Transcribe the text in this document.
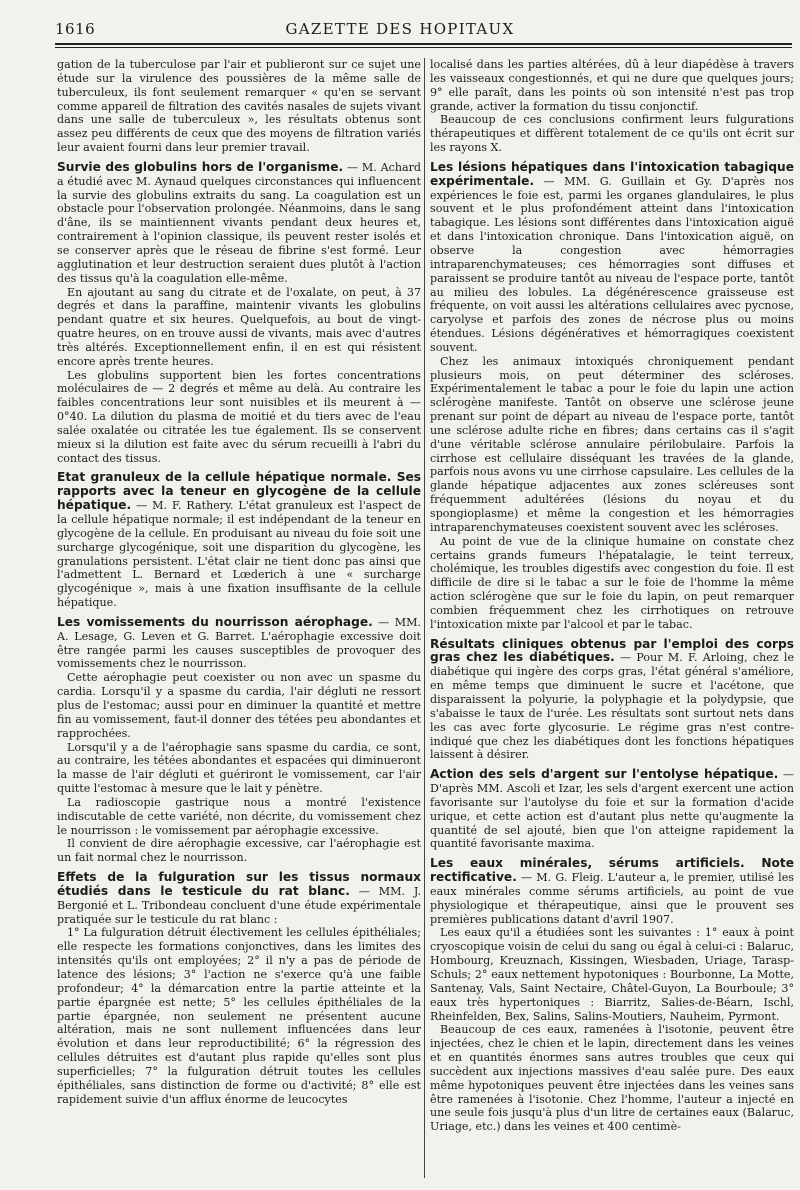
1616	GAZETTE DES HOPITAUX

gation de la tuberculose par l'air et publieront sur ce sujet une étude sur la virulence des poussières de la même salle de tuberculeux, ils font seulement remarquer « qu'en se servant comme appareil de filtration des cavités nasales de sujets vivant dans une salle de tuberculeux », les résultats obtenus sont assez peu différents de ceux que des moyens de filtration variés leur avaient fourni dans leur premier travail.

Survie des globulins hors de l'organisme. — M. Achard a étudié avec M. Aynaud quelques circonstances qui influencent la survie des globulins extraits du sang. La coagulation est un obstacle pour l'observation prolongée. Néanmoins, dans le sang d'âne, ils se maintiennent vivants pendant deux heures et, contrairement à l'opinion classique, ils peuvent rester isolés et se conserver après que le réseau de fibrine s'est formé. Leur agglutination et leur destruction seraient dues plutôt à l'action des tissus qu'à la coagulation elle-même.

En ajoutant au sang du citrate et de l'oxalate, on peut, à 37 degrés et dans la paraffine, maintenir vivants les globulins pendant quatre et six heures. Quelquefois, au bout de vingt-quatre heures, on en trouve aussi de vivants, mais avec d'autres très altérés. Exceptionnellement enfin, il en est qui résistent encore après trente heures.

Les globulins supportent bien les fortes concentrations moléculaires de — 2 degrés et même au delà. Au contraire les faibles concentrations leur sont nuisibles et ils meurent à —0°40. La dilution du plasma de moitié et du tiers avec de l'eau salée oxalatée ou citratée les tue également. Ils se conservent mieux si la dilution est faite avec du sérum recueilli à l'abri du contact des tissus.

Etat granuleux de la cellule hépatique normale. Ses rapports avec la teneur en glycogène de la cellule hépatique. — M. F. Rathery. L'état granuleux est l'aspect de la cellule hépatique normale; il est indépendant de la teneur en glycogène de la cellule. En produisant au niveau du foie soit une surcharge glycogénique, soit une disparition du glycogène, les granulations persistent. L'état clair ne tient donc pas ainsi que l'admettent L. Bernard et Lœderich à une « surcharge glycogénique », mais à une fixation insuffisante de la cellule hépatique.

Les vomissements du nourrisson aérophage. — MM. A. Lesage, G. Leven et G. Barret. L'aérophagie excessive doit être rangée parmi les causes susceptibles de provoquer des vomissements chez le nourrisson.

Cette aérophagie peut coexister ou non avec un spasme du cardia. Lorsqu'il y a spasme du cardia, l'air dégluti ne ressort plus de l'estomac; aussi pour en diminuer la quantité et mettre fin au vomissement, faut-il donner des tétées peu abondantes et rapprochées.

Lorsqu'il y a de l'aérophagie sans spasme du cardia, ce sont, au contraire, les tétées abondantes et espacées qui diminueront la masse de l'air dégluti et guériront le vomissement, car l'air quitte l'estomac à mesure que le lait y pénètre.

La radioscopie gastrique nous a montré l'existence indiscutable de cette variété, non décrite, du vomissement chez le nourrisson : le vomissement par aérophagie excessive.

Il convient de dire aérophagie excessive, car l'aérophagie est un fait normal chez le nourrisson.

Effets de la fulguration sur les tissus normaux étudiés dans le testicule du rat blanc. — MM. J. Bergonié et L. Tribondeau concluent d'une étude expérimentale pratiquée sur le testicule du rat blanc :

1° La fulguration détruit électivement les cellules épithéliales; elle respecte les formations conjonctives, dans les limites des intensités qu'ils ont employées; 2° il n'y a pas de période de latence des lésions; 3° l'action ne s'exerce qu'à une faible profondeur; 4° la démarcation entre la partie atteinte et la partie épargnée est nette; 5° les cellules épithéliales de la partie épargnée, non seulement ne présentent aucune altération, mais ne sont nullement influencées dans leur évolution et dans leur reproductibilité; 6° la régression des cellules détruites est d'autant plus rapide qu'elles sont plus superficielles; 7° la fulguration détruit toutes les cellules épithéliales, sans distinction de forme ou d'activité; 8° elle est rapidement suivie d'un afflux énorme de leucocytes

localisé dans les parties altérées, dû à leur diapédèse à travers les vaisseaux congestionnés, et qui ne dure que quelques jours; 9° elle paraît, dans les points où son intensité n'est pas trop grande, activer la formation du tissu conjonctif.

Beaucoup de ces conclusions confirment leurs fulgurations thérapeutiques et diffèrent totalement de ce qu'ils ont écrit sur les rayons X.

Les lésions hépatiques dans l'intoxication tabagique expérimentale. — MM. G. Guillain et Gy. D'après nos expériences le foie est, parmi les organes glandulaires, le plus souvent et le plus profondément atteint dans l'intoxication tabagique. Les lésions sont différentes dans l'intoxication aiguë et dans l'intoxication chronique. Dans l'intoxication aiguë, on observe la congestion avec hémorragies intraparenchymateuses; ces hémorragies sont diffuses et paraissent se produire tantôt au niveau de l'espace porte, tantôt au milieu des lobules. La dégénérescence graisseuse est fréquente, on voit aussi les altérations cellulaires avec pycnose, caryolyse et parfois des zones de nécrose plus ou moins étendues. Lésions dégénératives et hémorragiques coexistent souvent.

Chez les animaux intoxiqués chroniquement pendant plusieurs mois, on peut déterminer des scléroses. Expérimentalement le tabac a pour le foie du lapin une action sclérogène manifeste. Tantôt on observe une sclérose jeune prenant sur point de départ au niveau de l'espace porte, tantôt une sclérose adulte riche en fibres; dans certains cas il s'agit d'une véritable sclérose annulaire périlobulaire. Parfois la cirrhose est cellulaire disséquant les travées de la glande, parfois nous avons vu une cirrhose capsulaire. Les cellules de la glande hépatique adjacentes aux zones scléreuses sont fréquemment adultérées (lésions du noyau et du spongioplasme) et même la congestion et les hémorragies intraparenchymateuses coexistent souvent avec les scléroses.

Au point de vue de la clinique humaine on constate chez certains grands fumeurs l'hépatalagie, le teint terreux, cholémique, les troubles digestifs avec congestion du foie. Il est difficile de dire si le tabac a sur le foie de l'homme la même action sclérogène que sur le foie du lapin, on peut remarquer combien fréquemment chez les cirrhotiques on retrouve l'intoxication mixte par l'alcool et par le tabac.

Résultats cliniques obtenus par l'emploi des corps gras chez les diabétiques. — Pour M. F. Arloing, chez le diabétique qui ingère des corps gras, l'état général s'améliore, en même temps que diminuent le sucre et l'acétone, que disparaissent la polyurie, la polyphagie et la polydypsie, que s'abaisse le taux de l'urée. Les résultats sont surtout nets dans les cas avec forte glycosurie. Le régime gras n'est contre-indiqué que chez les diabétiques dont les fonctions hépatiques laissent à désirer.

Action des sels d'argent sur l'entolyse hépatique. — D'après MM. Ascoli et Izar, les sels d'argent exercent une action favorisante sur l'autolyse du foie et sur la formation d'acide urique, et cette action est d'autant plus nette qu'augmente la quantité de sel ajouté, bien que l'on atteigne rapidement la quantité favorisante maxima.

Les eaux minérales, sérums artificiels. Note rectificative. — M. G. Fleig. L'auteur a, le premier, utilisé les eaux minérales comme sérums artificiels, au point de vue physiologique et thérapeutique, ainsi que le prouvent ses premières publications datant d'avril 1907.

Les eaux qu'il a étudiées sont les suivantes : 1° eaux à point cryoscopique voisin de celui du sang ou égal à celui-ci : Balaruc, Hombourg, Kreuznach, Kissingen, Wiesbaden, Uriage, Tarasp-Schuls; 2° eaux nettement hypotoniques : Bourbonne, La Motte, Santenay, Vals, Saint Nectaire, Châtel-Guyon, La Bourboule; 3° eaux très hypertoniques : Biarritz, Salies-de-Béarn, Ischl, Rheinfelden, Bex, Salins, Salins-Moutiers, Nauheim, Pyrmont.

Beaucoup de ces eaux, ramenées à l'isotonie, peuvent être injectées, chez le chien et le lapin, directement dans les veines et en quantités énormes sans autres troubles que ceux qui succèdent aux injections massives d'eau salée pure. Des eaux même hypotoniques peuvent être injectées dans les veines sans être ramenées à l'isotonie. Chez l'homme, l'auteur a injecté en une seule fois jusqu'à plus d'un litre de certaines eaux (Balaruc, Uriage, etc.) dans les veines et 400 centimè-
